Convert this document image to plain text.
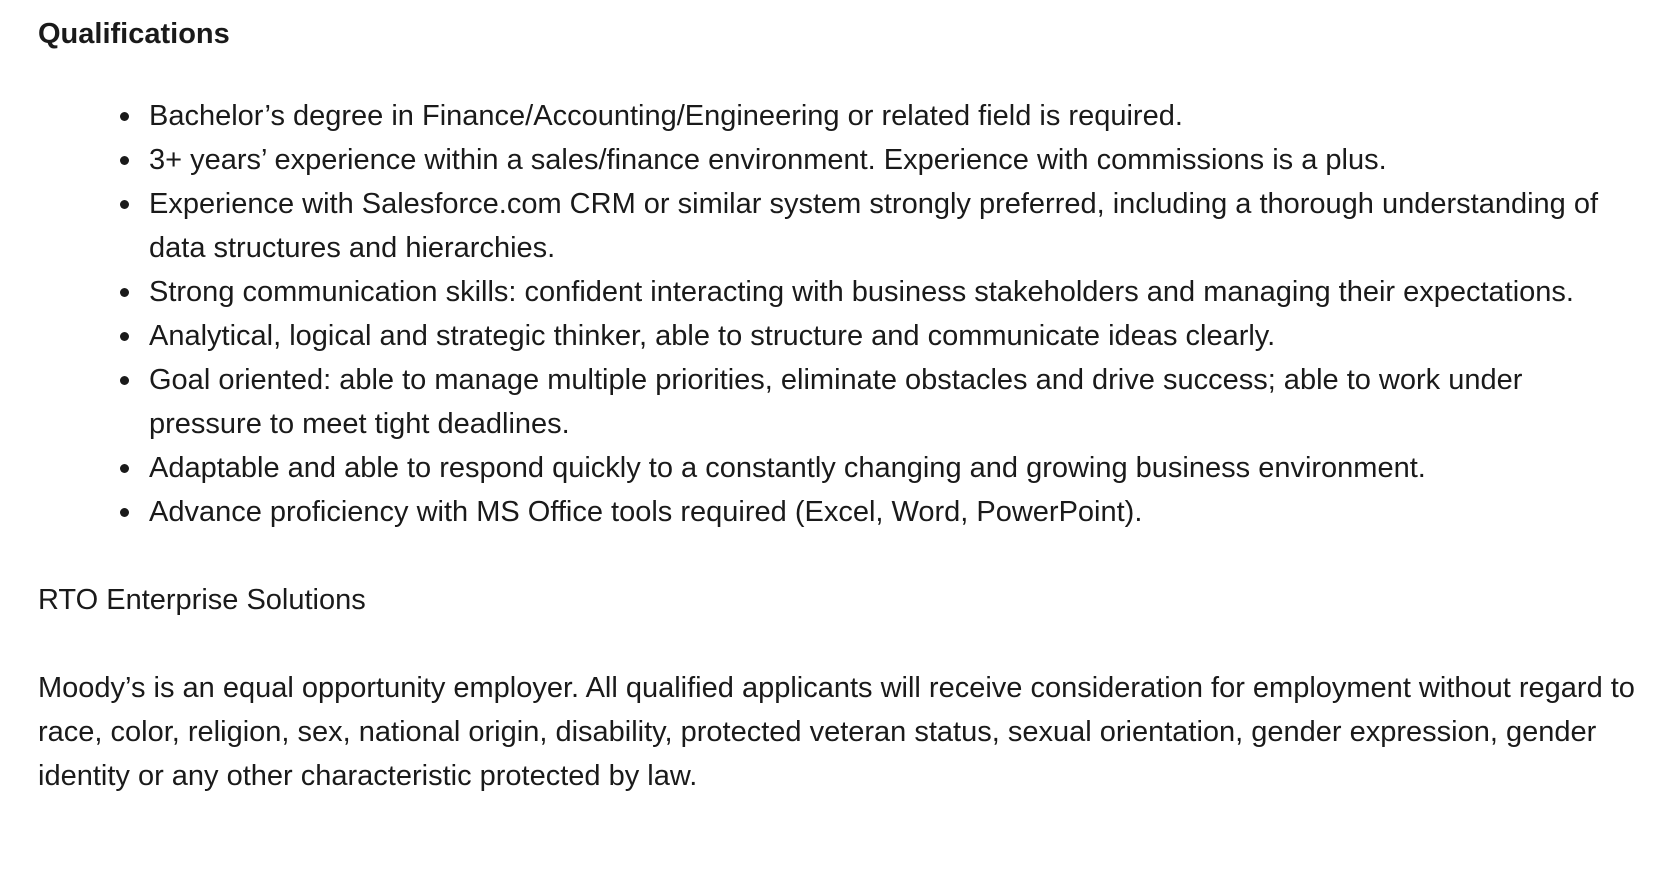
Qualifications
Bachelor’s degree in Finance/Accounting/Engineering or related field is required.
3+ years’ experience within a sales/finance environment. Experience with commissions is a plus.
Experience with Salesforce.com CRM or similar system strongly preferred, including a thorough understanding of data structures and hierarchies.
Strong communication skills: confident interacting with business stakeholders and managing their expectations.
Analytical, logical and strategic thinker, able to structure and communicate ideas clearly.
Goal oriented: able to manage multiple priorities, eliminate obstacles and drive success; able to work under pressure to meet tight deadlines.
Adaptable and able to respond quickly to a constantly changing and growing business environment.
Advance proficiency with MS Office tools required (Excel, Word, PowerPoint).
RTO Enterprise Solutions

Moody’s is an equal opportunity employer. All qualified applicants will receive consideration for employment without regard to race, color, religion, sex, national origin, disability, protected veteran status, sexual orientation, gender expression, gender identity or any other characteristic protected by law.
